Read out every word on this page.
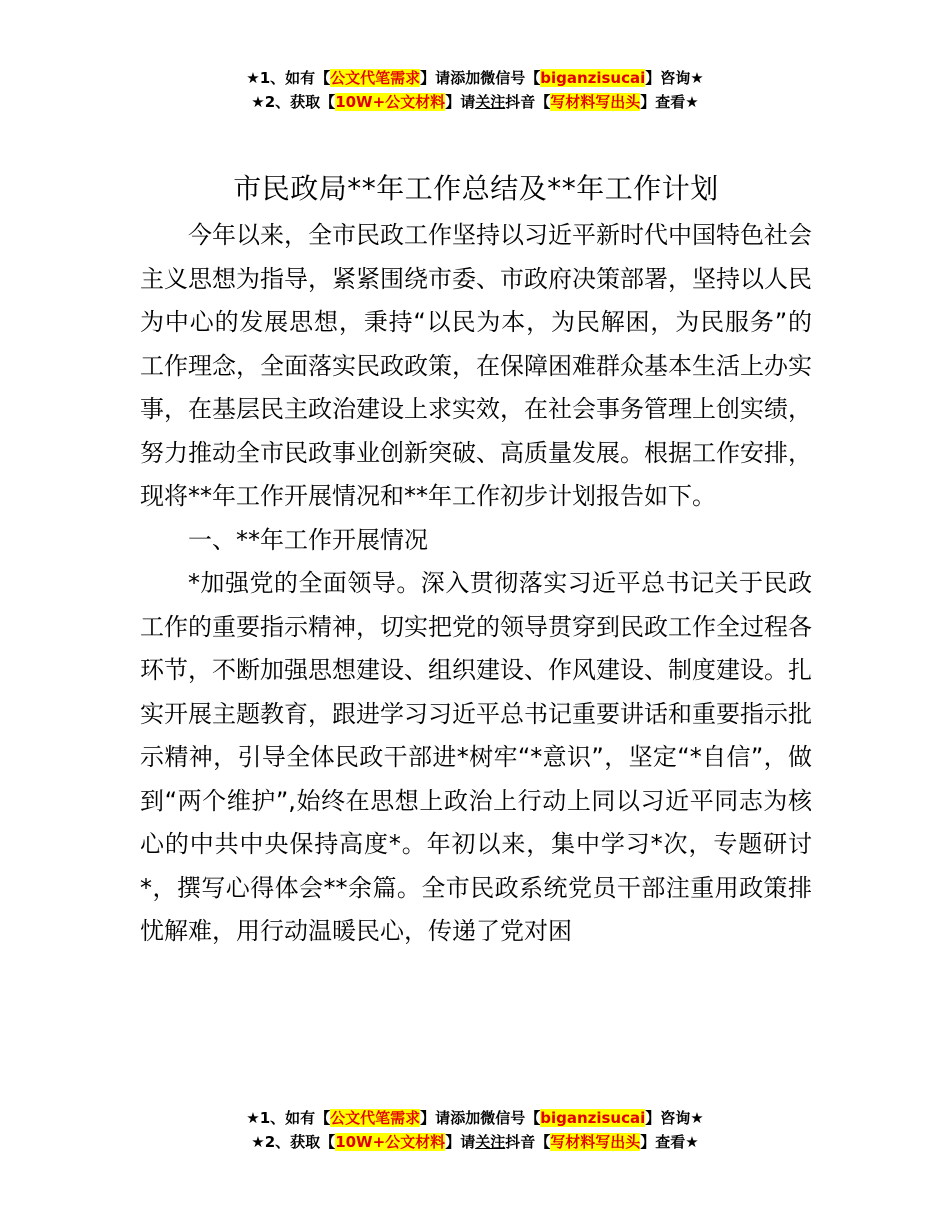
★1、如有【公文代笔需求】请添加微信号【biganzisucai】咨询★
★2、获取【10W+公文材料】请关注抖音【写材料写出头】查看★
市民政局**年工作总结及**年工作计划

今年以来，全市民政工作坚持以习近平新时代中国特色社会主义思想为指导，紧紧围绕市委、市政府决策部署，坚持以人民为中心的发展思想，秉持“以民为本，为民解困，为民服务”的工作理念，全面落实民政政策，在保障困难群众基本生活上办实事，在基层民主政治建设上求实效，在社会事务管理上创实绩，努力推动全市民政事业创新突破、高质量发展。根据工作安排，现将**年工作开展情况和**年工作初步计划报告如下。

一、**年工作开展情况

*加强党的全面领导。深入贯彻落实习近平总书记关于民政工作的重要指示精神，切实把党的领导贯穿到民政工作全过程各环节，不断加强思想建设、组织建设、作风建设、制度建设。扎实开展主题教育，跟进学习习近平总书记重要讲话和重要指示批示精神，引导全体民政干部进*树牢“*意识”，坚定“*自信”，做到“两个维护”,始终在思想上政治上行动上同以习近平同志为核心的中共中央保持高度*。年初以来，集中学习*次，专题研讨*，撰写心得体会**余篇。全市民政系统党员干部注重用政策排忧解难，用行动温暖民心，传递了党对困

★1、如有【公文代笔需求】请添加微信号【biganzisucai】咨询★
★2、获取【10W+公文材料】请关注抖音【写材料写出头】查看★
